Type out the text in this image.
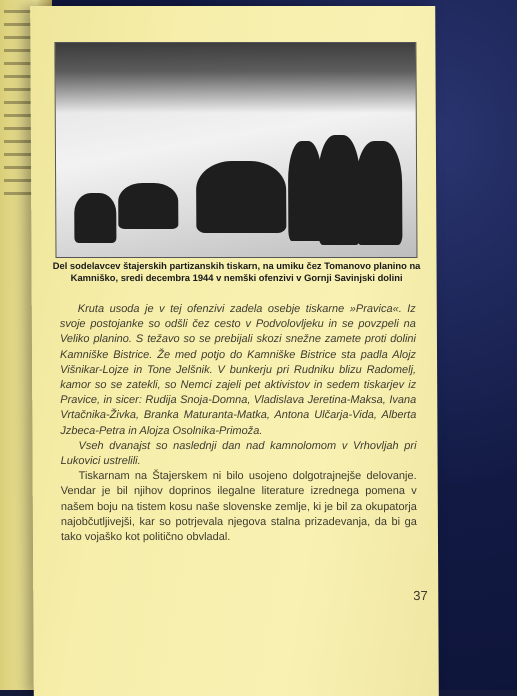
Del sodelavcev štajerskih partizanskih tiskarn, na umiku čez Tomanovo planino na Kamniško, sredi decembra 1944 v nemški ofenzivi v Gornji Savinjski dolini

Kruta usoda je v tej ofenzivi zadela osebje tiskarne »Pravica«. Iz svoje postojanke so odšli čez cesto v Podvolovljeku in se povzpeli na Veliko planino. S težavo so se prebijali skozi snežne zamete proti dolini Kamniške Bistrice. Že med potjo do Kamniške Bistrice sta padla Alojz Višnikar-Lojze in Tone Jelšnik. V bunkerju pri Rudniku blizu Radomelj, kamor so se zatekli, so Nemci zajeli pet aktivistov in sedem tiskarjev iz Pravice, in sicer: Rudija Snoja-Domna, Vladislava Jeretina-Maksa, Ivana Vrtačnika-Živka, Branka Maturanta-Matka, Antona Ulčarja-Vida, Alberta Jzbeca-Petra in Alojza Osolnika-Primoža.

Vseh dvanajst so naslednji dan nad kamnolomom v Vrhovljah pri Lukovici ustrelili.

Tiskarnam na Štajerskem ni bilo usojeno dolgotrajnejše delovanje. Vendar je bil njihov doprinos ilegalne literature izrednega pomena v našem boju na tistem kosu naše slovenske zemlje, ki je bil za okupatorja najobčutljivejši, kar so potrjevala njegova stalna prizadevanja, da bi ga tako vojaško kot politično obvladal.

37
